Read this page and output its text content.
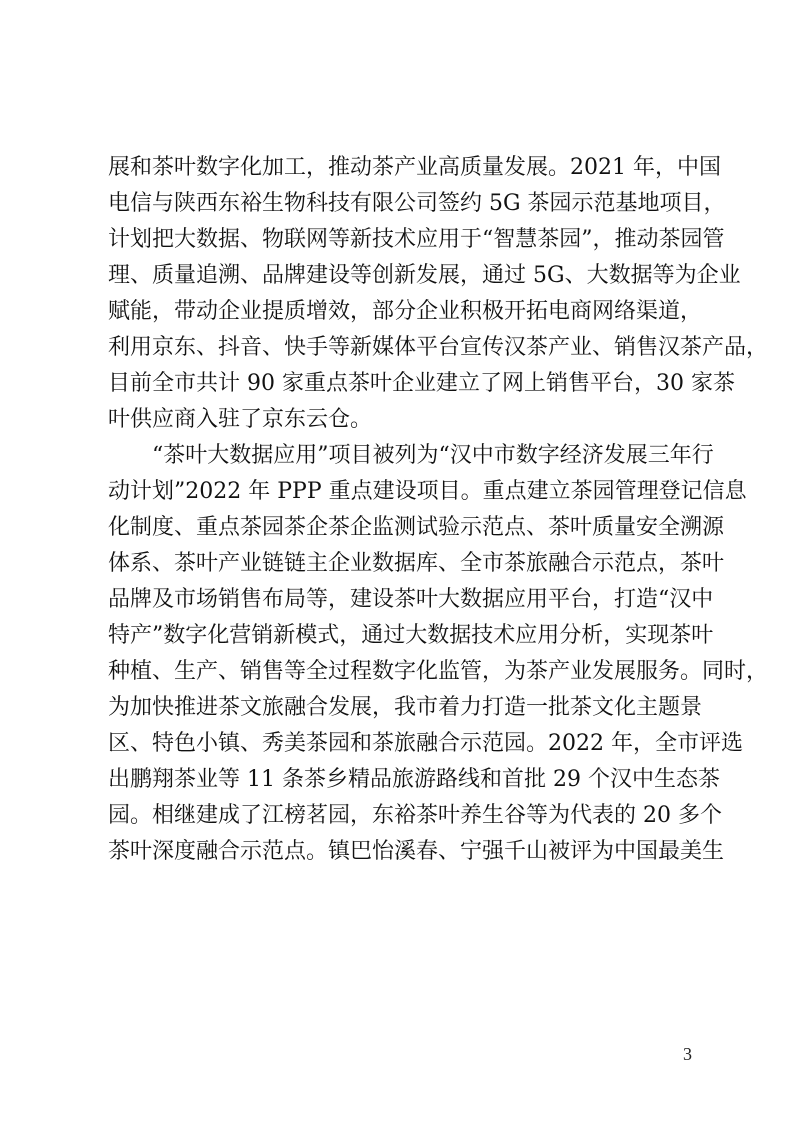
展和茶叶数字化加工，推动茶产业高质量发展。2021 年，中国
电信与陕西东裕生物科技有限公司签约 5G 茶园示范基地项目，
计划把大数据、物联网等新技术应用于“智慧茶园”，推动茶园管
理、质量追溯、品牌建设等创新发展，通过 5G、大数据等为企业
赋能，带动企业提质增效，部分企业积极开拓电商网络渠道，
利用京东、抖音、快手等新媒体平台宣传汉茶产业、销售汉茶产品，
目前全市共计 90 家重点茶叶企业建立了网上销售平台，30 家茶
叶供应商入驻了京东云仓。
　　“茶叶大数据应用”项目被列为“汉中市数字经济发展三年行
动计划”2022 年 PPP 重点建设项目。重点建立茶园管理登记信息
化制度、重点茶园茶企茶企监测试验示范点、茶叶质量安全溯源
体系、茶叶产业链链主企业数据库、全市茶旅融合示范点，茶叶
品牌及市场销售布局等，建设茶叶大数据应用平台，打造“汉中
特产”数字化营销新模式，通过大数据技术应用分析，实现茶叶
种植、生产、销售等全过程数字化监管，为茶产业发展服务。同时，
为加快推进茶文旅融合发展，我市着力打造一批茶文化主题景
区、特色小镇、秀美茶园和茶旅融合示范园。2022 年，全市评选
出鹏翔茶业等 11 条茶乡精品旅游路线和首批 29 个汉中生态茶
园。相继建成了江榜茗园，东裕茶叶养生谷等为代表的 20 多个
茶叶深度融合示范点。镇巴怡溪春、宁强千山被评为中国最美生
3
